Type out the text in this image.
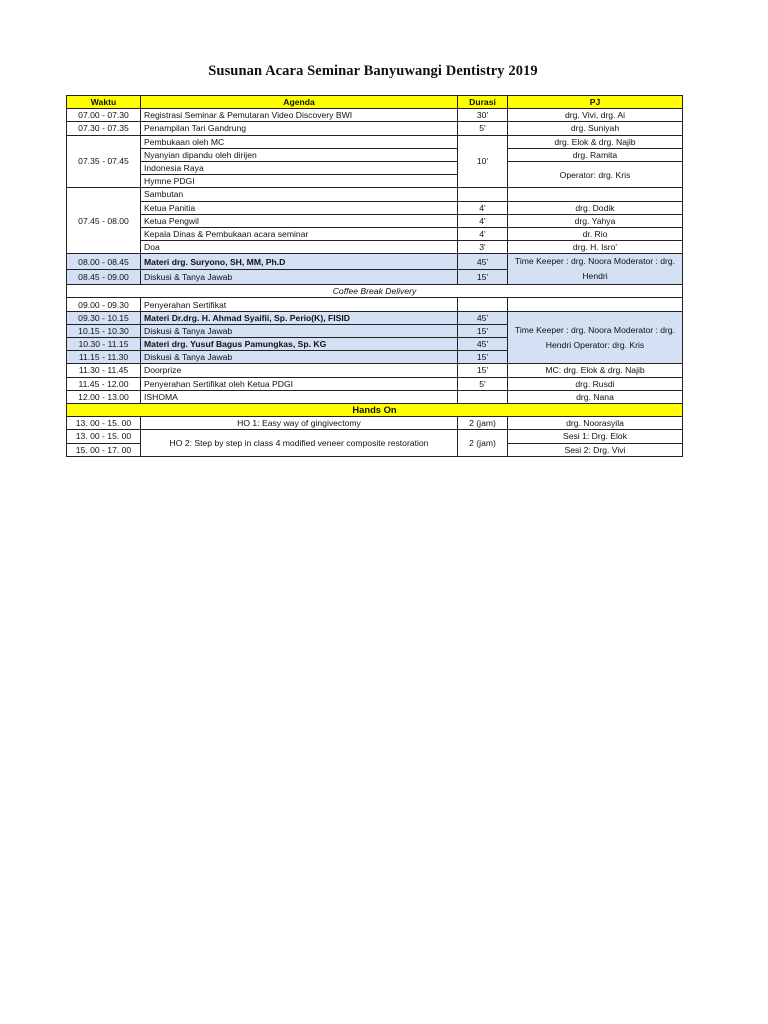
Susunan Acara Seminar Banyuwangi Dentistry 2019
Waktu	Agenda	Durasi	PJ
07.00 - 07.30	Registrasi Seminar & Pemutaran Video Discovery BWI	30'	drg. Vivi, drg. Ai
07.30 - 07.35	Penampilan Tari Gandrung	5'	drg. Suniyah
07.35 - 07.45	Pembukaan oleh MC	10'	drg. Elok & drg. Najib
	Nyanyian dipandu oleh dirijen		drg. Ramita
	Indonesia Raya		Operator: drg. Kris
	Hymne PDGI		
07.45 - 08.00	Sambutan		
	Ketua Panitia	4'	drg. Dodik
	Ketua Pengwil	4'	drg. Yahya
	Kepala Dinas & Pembukaan acara seminar	4'	dr. Rio
	Doa	3'	drg. H. Isro'
08.00 - 08.45	Materi drg. Suryono, SH, MM, Ph.D	45'	Time Keeper : drg. Noora Moderator : drg. Hendri
08.45 - 09.00	Diskusi & Tanya Jawab	15'	
Coffee Break Delivery			
09.00 - 09.30	Penyerahan Sertifikat		
09.30 - 10.15	Materi Dr.drg. H. Ahmad Syaifii, Sp. Perio(K), FISID	45'	Time Keeper : drg. Noora Moderator : drg. Hendri Operator: drg. Kris
10.15 - 10.30	Diskusi & Tanya Jawab	15'	
10.30 - 11.15	Materi drg. Yusuf Bagus Pamungkas, Sp. KG	45'	
11.15 - 11.30	Diskusi & Tanya Jawab	15'	
11.30 - 11.45	Doorprize	15'	MC: drg. Elok & drg. Najib
11.45 - 12.00	Penyerahan Sertifikat oleh Ketua PDGI	5'	drg. Rusdi
12.00 - 13.00	ISHOMA		drg. Nana
Hands On			
13. 00 - 15. 00	HO 1: Easy way of gingivectomy	2 (jam)	drg. Noorasyila
13. 00 - 15. 00	HO 2: Step by step in class 4 modified veneer composite restoration	2 (jam)	Sesi 1: Drg. Elok
15. 00 - 17. 00			Sesi 2: Drg. Vivi
